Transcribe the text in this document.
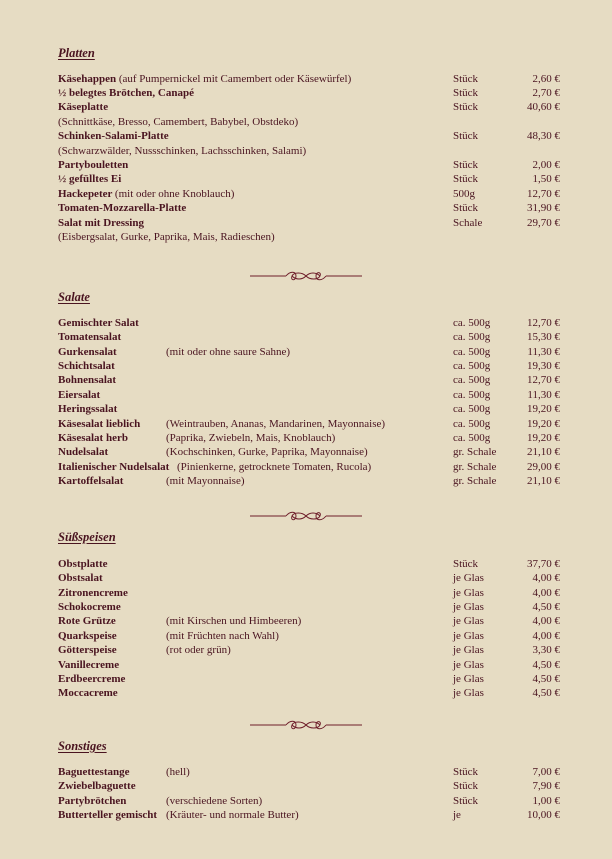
Platten
Käsehappen (auf Pumpernickel mit Camembert oder Käsewürfel)	Stück	2,60 €
½ belegtes Brötchen, Canapé	Stück	2,70 €
Käseplatte	Stück	40,60 €
(Schnittkäse, Bresso, Camembert, Babybel, Obstdeko)
Schinken-Salami-Platte	Stück	48,30 €
(Schwarzwälder, Nussschinken, Lachsschinken, Salami)
Partybouletten	Stück	2,00 €
½ gefülltes Ei	Stück	1,50 €
Hackepeter (mit oder ohne Knoblauch)	500g	12,70 €
Tomaten-Mozzarella-Platte	Stück	31,90 €
Salat mit Dressing	Schale	29,70 €
(Eisbergsalat, Gurke, Paprika, Mais, Radieschen)
Salate
Gemischter Salat	ca. 500g	12,70 €
Tomatensalat	ca. 500g	15,30 €
Gurkensalat	(mit oder ohne saure Sahne)	ca. 500g	11,30 €
Schichtsalat	ca. 500g	19,30 €
Bohnensalat	ca. 500g	12,70 €
Eiersalat	ca. 500g	11,30 €
Heringssalat	ca. 500g	19,20 €
Käsesalat lieblich (Weintrauben, Ananas, Mandarinen, Mayonnaise)	ca. 500g	19,20 €
Käsesalat herb	(Paprika, Zwiebeln, Mais, Knoblauch)	ca. 500g	19,20 €
Nudelsalat	(Kochschinken, Gurke, Paprika, Mayonnaise)	gr. Schale	21,10 €
Italienischer Nudelsalat (Pinienkerne, getrocknete Tomaten, Rucola)	gr. Schale	29,00 €
Kartoffelsalat	(mit Mayonnaise)	gr. Schale	21,10 €
Süßspeisen
Obstplatte	Stück	37,70 €
Obstsalat	je Glas	4,00 €
Zitronencreme	je Glas	4,00 €
Schokocreme	je Glas	4,50 €
Rote Grütze	(mit Kirschen und Himbeeren)	je Glas	4,00 €
Quarkspeise	(mit Früchten nach Wahl)	je Glas	4,00 €
Götterspeise	(rot oder grün)	je Glas	3,30 €
Vanillecreme	je Glas	4,50 €
Erdbeercreme	je Glas	4,50 €
Moccacreme	je Glas	4,50 €
Sonstiges
Baguettestange	(hell)	Stück	7,00 €
Zwiebelbaguette	Stück	7,90 €
Partybrötchen	(verschiedene Sorten)	Stück	1,00 €
Butterteller gemischt (Kräuter- und normale Butter)	je	10,00 €
